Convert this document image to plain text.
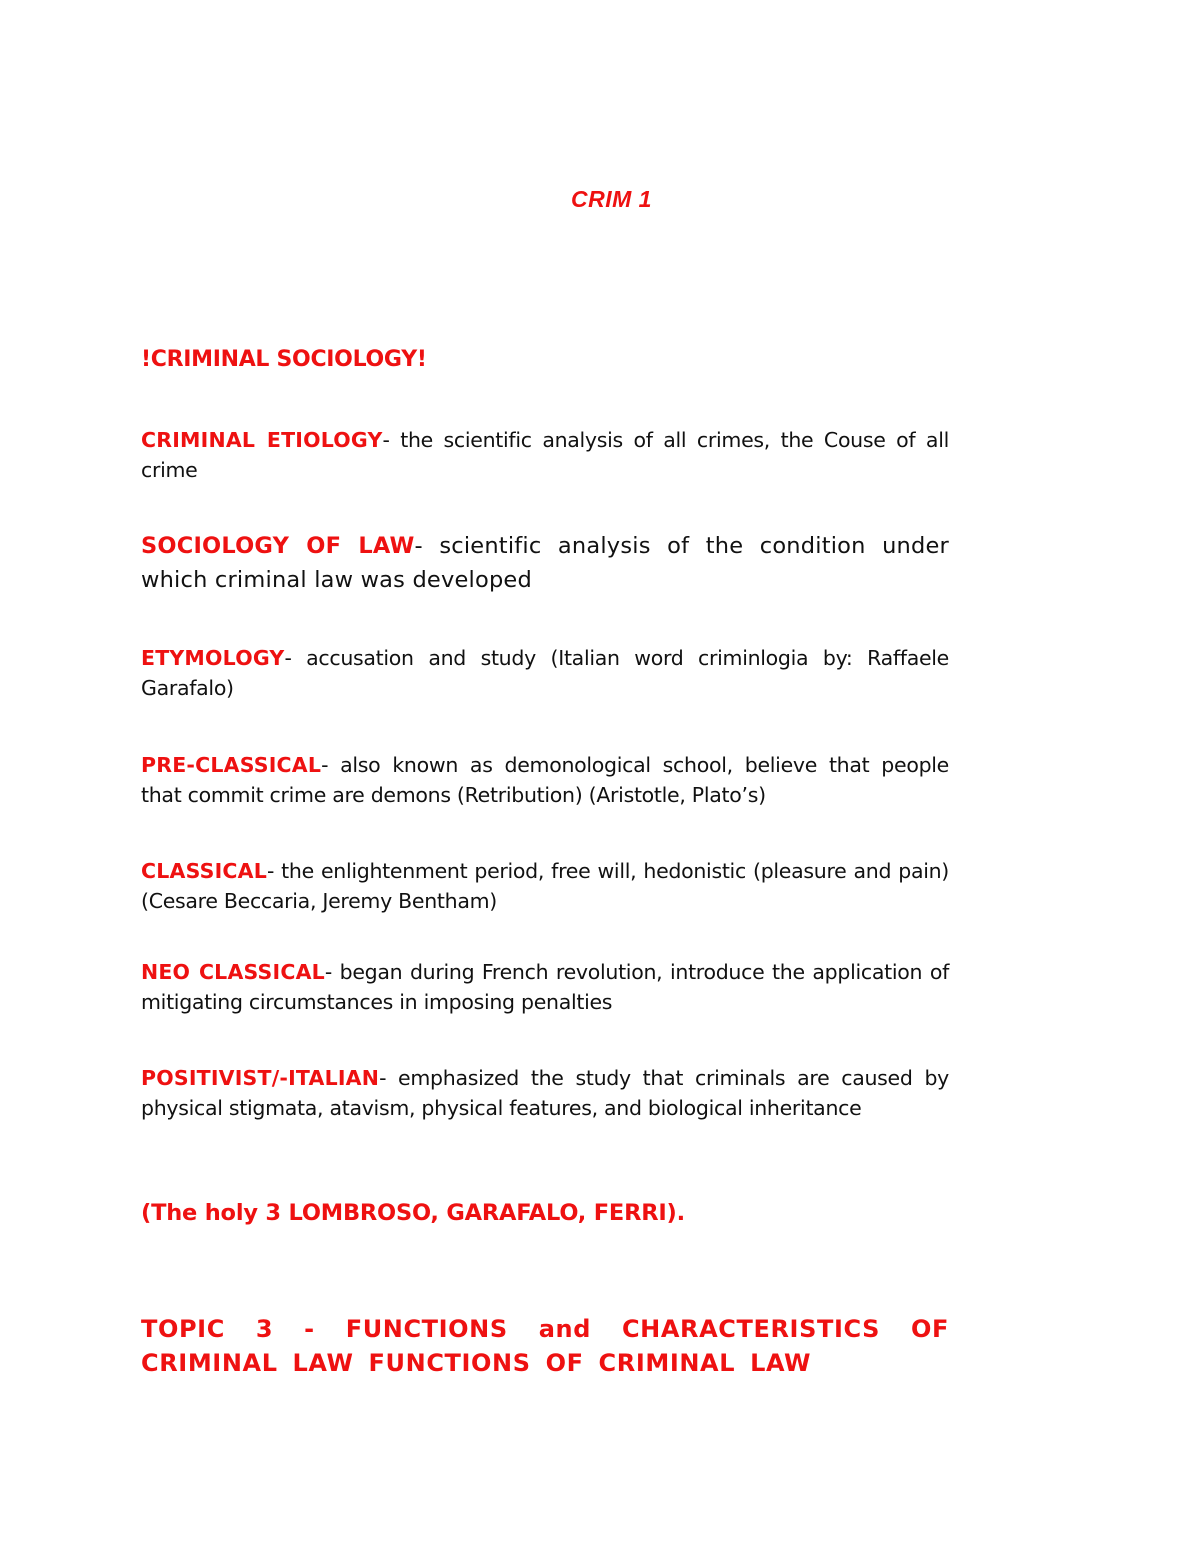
CRIM 1
!CRIMINAL SOCIOLOGY!
CRIMINAL ETIOLOGY- the scientific analysis of all crimes, the Couse of all crime
SOCIOLOGY OF LAW- scientific analysis of the condition under which criminal law was developed
ETYMOLOGY- accusation and study (Italian word criminlogia by: Raffaele Garafalo)
PRE-CLASSICAL- also known as demonological school, believe that people that commit crime are demons (Retribution) (Aristotle, Plato’s)
CLASSICAL- the enlightenment period, free will, hedonistic (pleasure and pain) (Cesare Beccaria, Jeremy Bentham)
NEO CLASSICAL- began during French revolution, introduce the application of mitigating circumstances in imposing penalties
POSITIVIST/-ITALIAN- emphasized the study that criminals are caused by physical stigmata, atavism, physical features, and biological inheritance
(The holy 3 LOMBROSO, GARAFALO, FERRI).
TOPIC 3 - FUNCTIONS and CHARACTERISTICS OF CRIMINAL LAW FUNCTIONS OF CRIMINAL LAW
